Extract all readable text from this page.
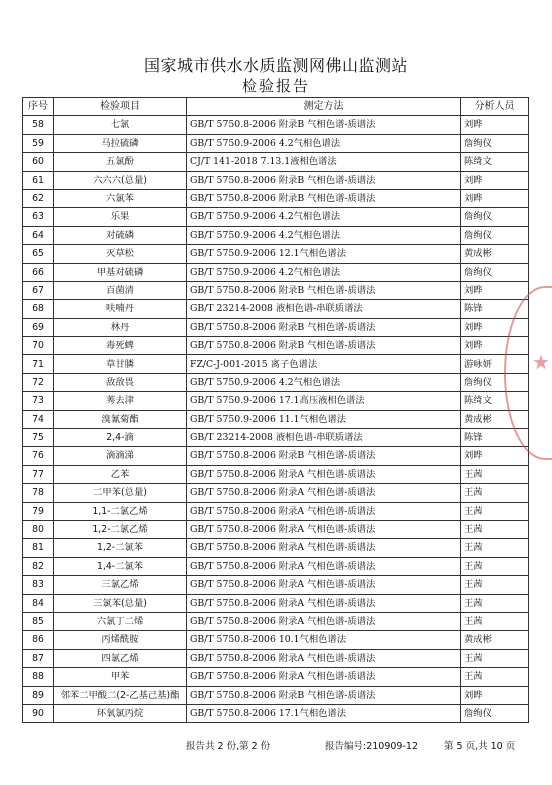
国家城市供水水质监测网佛山监测站
检验报告
序号	检验项目	测定方法	分析人员
58	七氯	GB/T 5750.8-2006 附录B 气相色谱-质谱法	刘晔
59	马拉硫磷	GB/T 5750.9-2006 4.2气相色谱法	詹绚仪
60	五氯酚	CJ/T 141-2018 7.13.1液相色谱法	陈绮文
61	六六六(总量)	GB/T 5750.8-2006 附录B 气相色谱-质谱法	刘晔
62	六氯苯	GB/T 5750.8-2006 附录B 气相色谱-质谱法	刘晔
63	乐果	GB/T 5750.9-2006 4.2气相色谱法	詹绚仪
64	对硫磷	GB/T 5750.9-2006 4.2气相色谱法	詹绚仪
65	灭草松	GB/T 5750.9-2006 12.1气相色谱法	黄成彬
66	甲基对硫磷	GB/T 5750.9-2006 4.2气相色谱法	詹绚仪
67	百菌清	GB/T 5750.8-2006 附录B 气相色谱-质谱法	刘晔
68	呋喃丹	GB/T 23214-2008 液相色谱-串联质谱法	陈锋
69	林丹	GB/T 5750.8-2006 附录B 气相色谱-质谱法	刘晔
70	毒死蜱	GB/T 5750.8-2006 附录B 气相色谱-质谱法	刘晔
71	草甘膦	FZ/C-J-001-2015 离子色谱法	游咏妍
72	敌敌畏	GB/T 5750.9-2006 4.2气相色谱法	詹绚仪
73	莠去津	GB/T 5750.9-2006 17.1高压液相色谱法	陈绮文
74	溴氰菊酯	GB/T 5750.9-2006 11.1气相色谱法	黄成彬
75	2,4-滴	GB/T 23214-2008 液相色谱-串联质谱法	陈锋
76	滴滴涕	GB/T 5750.8-2006 附录B 气相色谱-质谱法	刘晔
77	乙苯	GB/T 5750.8-2006 附录A 气相色谱-质谱法	王茜
78	二甲苯(总量)	GB/T 5750.8-2006 附录A 气相色谱-质谱法	王茜
79	1,1-二氯乙烯	GB/T 5750.8-2006 附录A 气相色谱-质谱法	王茜
80	1,2-二氯乙烯	GB/T 5750.8-2006 附录A 气相色谱-质谱法	王茜
81	1,2-二氯苯	GB/T 5750.8-2006 附录A 气相色谱-质谱法	王茜
82	1,4-二氯苯	GB/T 5750.8-2006 附录A 气相色谱-质谱法	王茜
83	三氯乙烯	GB/T 5750.8-2006 附录A 气相色谱-质谱法	王茜
84	三氯苯(总量)	GB/T 5750.8-2006 附录A 气相色谱-质谱法	王茜
85	六氯丁二烯	GB/T 5750.8-2006 附录A 气相色谱-质谱法	王茜
86	丙烯酰胺	GB/T 5750.8-2006 10.1气相色谱法	黄成彬
87	四氯乙烯	GB/T 5750.8-2006 附录A 气相色谱-质谱法	王茜
88	甲苯	GB/T 5750.8-2006 附录A 气相色谱-质谱法	王茜
89	邻苯二甲酸二(2-乙基己基)酯	GB/T 5750.8-2006 附录B 气相色谱-质谱法	刘晔
90	环氧氯丙烷	GB/T 5750.8-2006 17.1气相色谱法	詹绚仪
★
报告共 2 份,第 2 份	报告编号:210909-12	第 5 页,共 10 页
